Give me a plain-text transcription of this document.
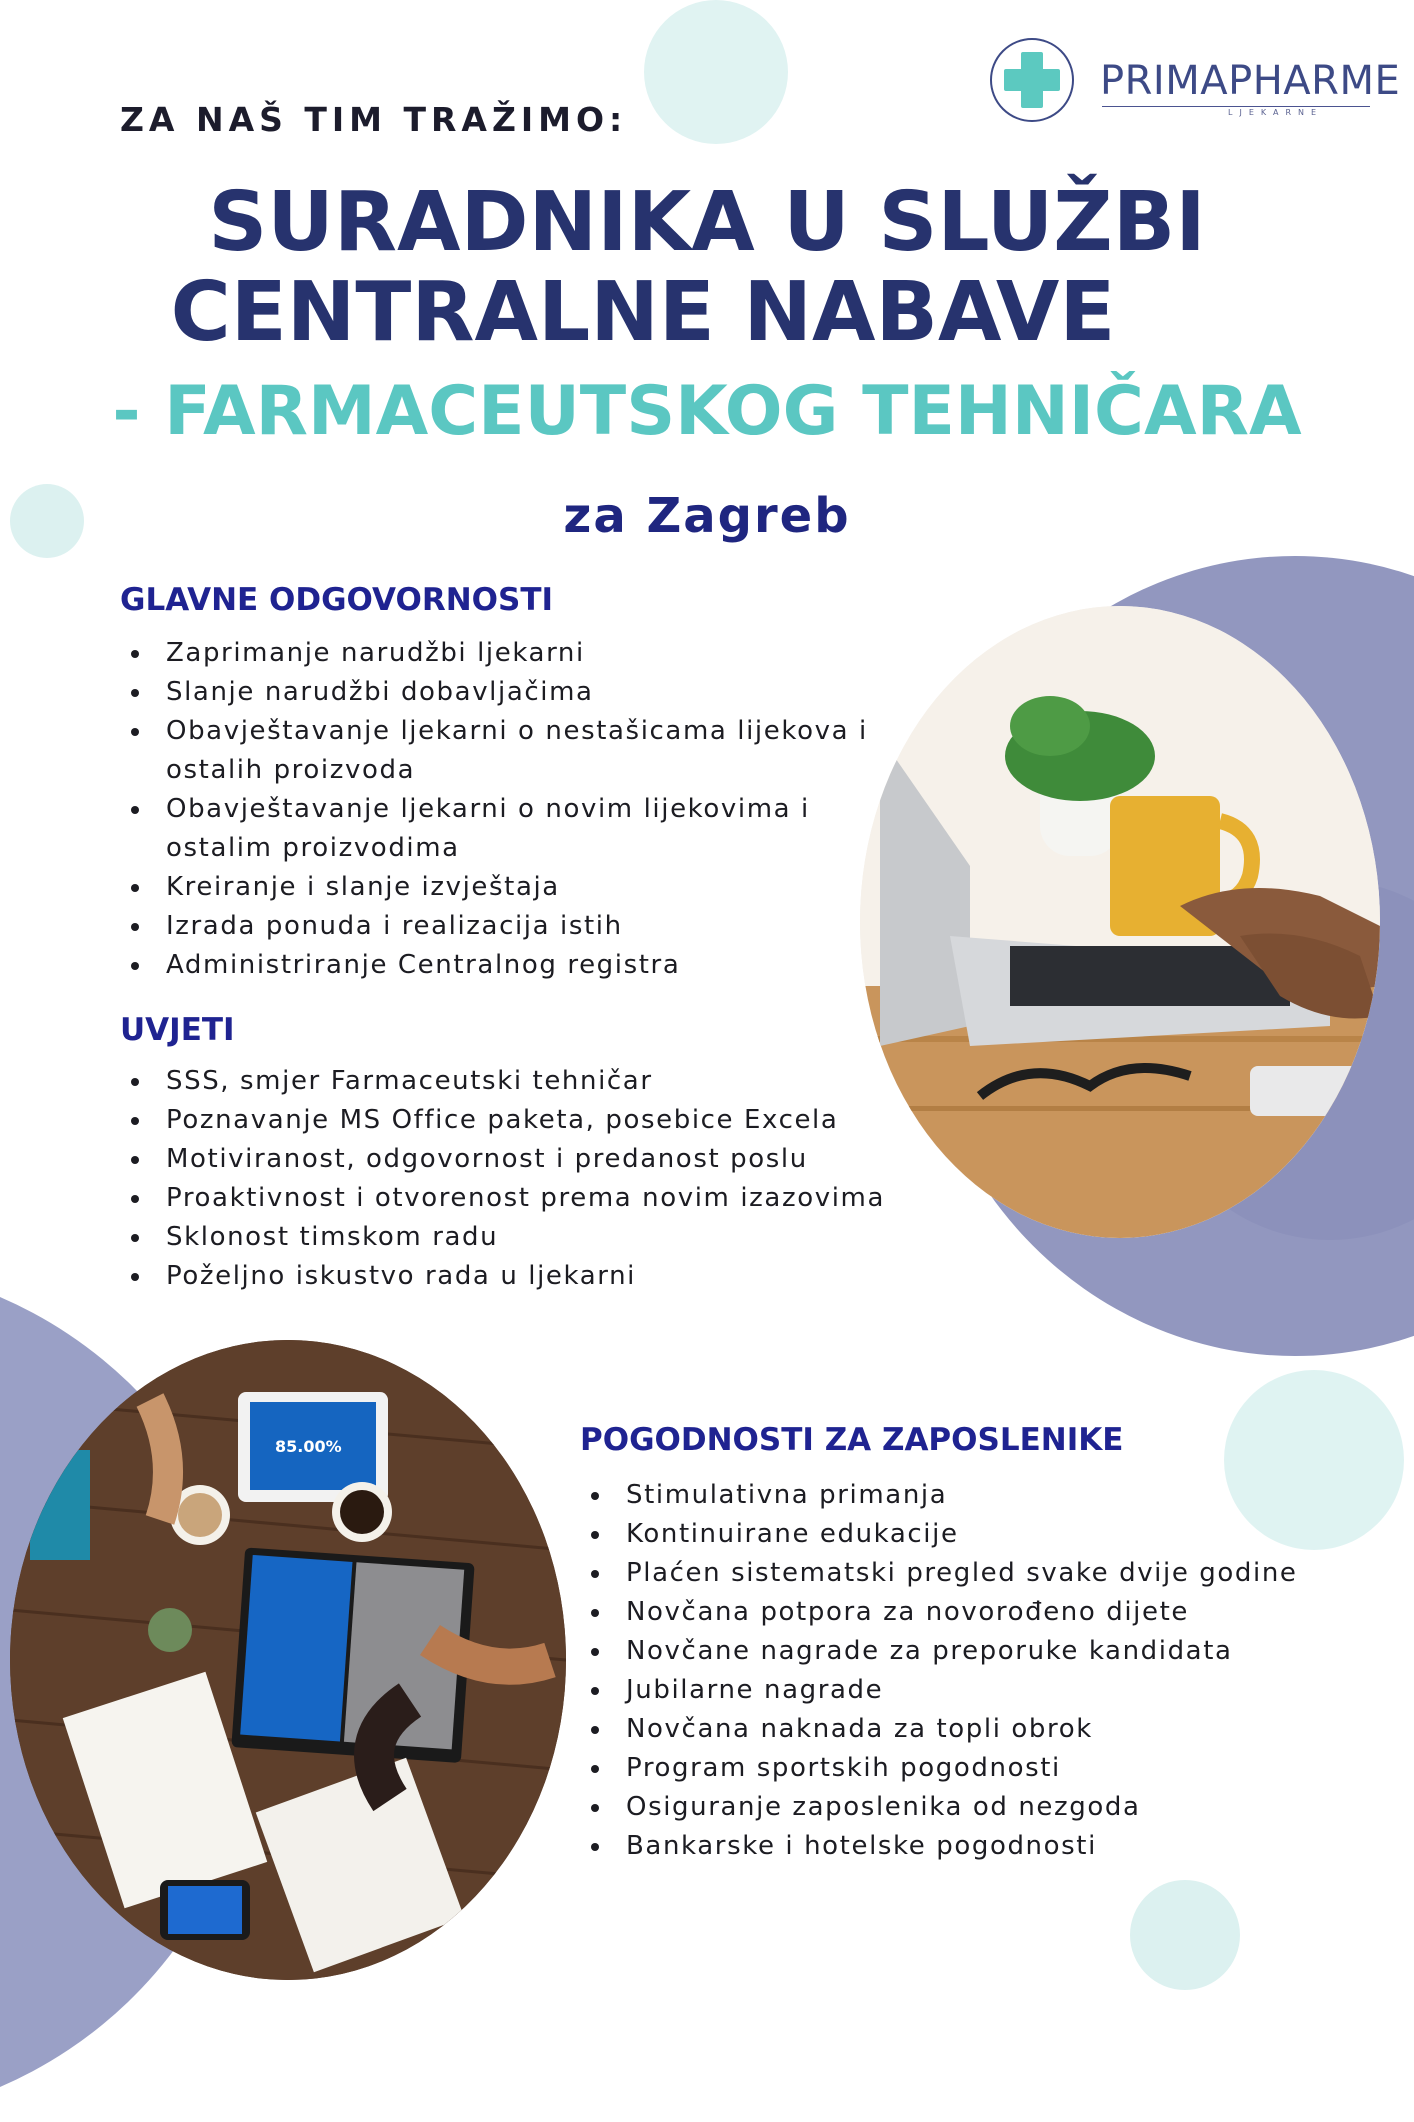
PRIMAPHARME
LJEKARNE
ZA NAŠ TIM TRAŽIMO:
SURADNIKA U SLUŽBI
CENTRALNE NABAVE
- FARMACEUTSKOG TEHNIČARA
za Zagreb
GLAVNE ODGOVORNOSTI
Zaprimanje narudžbi ljekarni
Slanje narudžbi dobavljačima
Obavještavanje ljekarni o nestašicama lijekova i ostalih proizvoda
Obavještavanje ljekarni o novim lijekovima i ostalim proizvodima
Kreiranje i slanje izvještaja
Izrada ponuda i realizacija istih
Administriranje Centralnog registra
UVJETI
SSS, smjer Farmaceutski tehničar
Poznavanje MS Office paketa, posebice Excela
Motiviranost, odgovornost i predanost poslu
Proaktivnost i otvorenost prema novim izazovima
Sklonost timskom radu
Poželjno iskustvo rada u ljekarni
85.00%	POGODNOSTI ZA ZAPOSLENIKE
Stimulativna primanja
Kontinuirane edukacije
Plaćen sistematski pregled svake dvije godine
Novčana potpora za novorođeno dijete
Novčane nagrade za preporuke kandidata
Jubilarne nagrade
Novčana naknada za topli obrok
Program sportskih pogodnosti
Osiguranje zaposlenika od nezgoda
Bankarske i hotelske pogodnosti
